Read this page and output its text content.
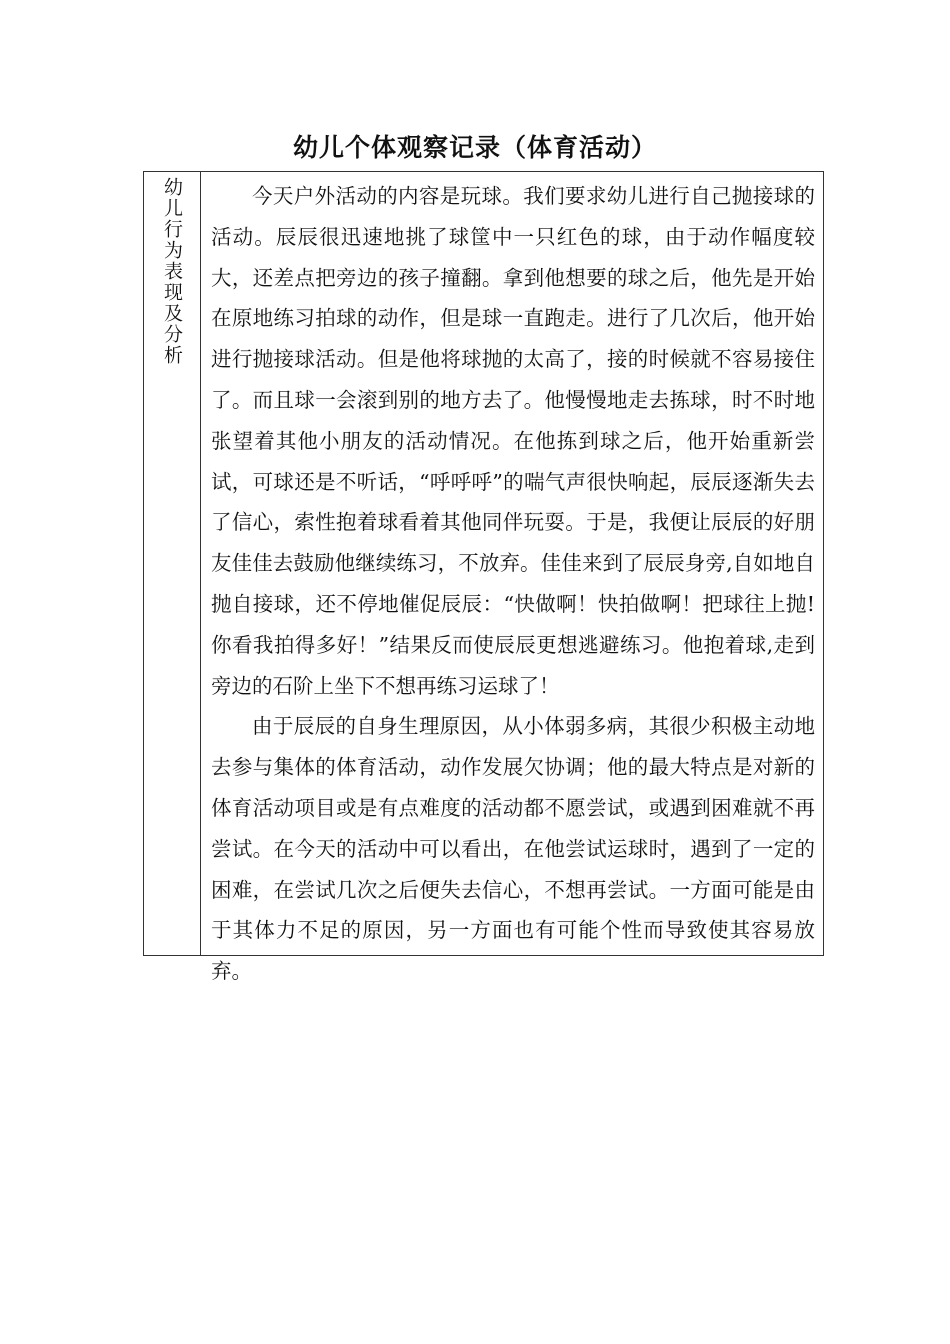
幼儿个体观察记录（体育活动）
幼儿行为表现及分析	今天户外活动的内容是玩球。我们要求幼儿进行自己抛接球的活动。辰辰很迅速地挑了球筐中一只红色的球，由于动作幅度较大，还差点把旁边的孩子撞翻。拿到他想要的球之后，他先是开始在原地练习拍球的动作，但是球一直跑走。进行了几次后，他开始进行抛接球活动。但是他将球抛的太高了，接的时候就不容易接住了。而且球一会滚到别的地方去了。他慢慢地走去拣球，时不时地张望着其他小朋友的活动情况。在他拣到球之后，他开始重新尝试，可球还是不听话，“呼呼呼”的喘气声很快响起，辰辰逐渐失去了信心，索性抱着球看着其他同伴玩耍。于是，我便让辰辰的好朋友佳佳去鼓励他继续练习，不放弃。佳佳来到了辰辰身旁,自如地自抛自接球，还不停地催促辰辰：“快做啊！快拍做啊！把球往上抛!你看我拍得多好！”结果反而使辰辰更想逃避练习。他抱着球,走到旁边的石阶上坐下不想再练习运球了！

由于辰辰的自身生理原因，从小体弱多病，其很少积极主动地去参与集体的体育活动，动作发展欠协调；他的最大特点是对新的体育活动项目或是有点难度的活动都不愿尝试，或遇到困难就不再尝试。在今天的活动中可以看出，在他尝试运球时，遇到了一定的困难，在尝试几次之后便失去信心，不想再尝试。一方面可能是由于其体力不足的原因，另一方面也有可能个性而导致使其容易放弃。
